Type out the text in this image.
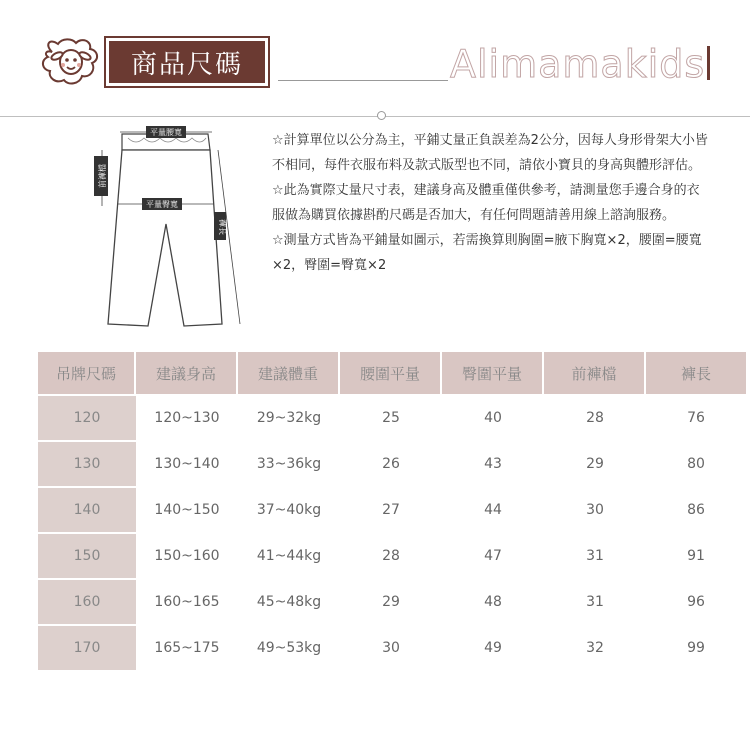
商品尺碼	Alimamakids
平量腰寬
平量臀寬
前褲檔
褲長

☆計算單位以公分為主，平鋪丈量正負誤差為2公分，因每人身形骨架大小皆不相同，每件衣服布料及款式版型也不同，請依小寶貝的身高與體形評估。

☆此為實際丈量尺寸表，建議身高及體重僅供參考，請測量您手邊合身的衣服做為購買依據斟酌尺碼是否加大，有任何問題請善用線上諮詢服務。

☆測量方式皆為平鋪量如圖示，若需換算則胸圍=腋下胸寬×2，腰圍=腰寬×2，臀圍=臀寬×2

吊牌尺碼	建議身高	建議體重	腰圍平量	臀圍平量	前褲檔	褲長
120	120~130	29~32kg	25	40	28	76
130	130~140	33~36kg	26	43	29	80
140	140~150	37~40kg	27	44	30	86
150	150~160	41~44kg	28	47	31	91
160	160~165	45~48kg	29	48	31	96
170	165~175	49~53kg	30	49	32	99
